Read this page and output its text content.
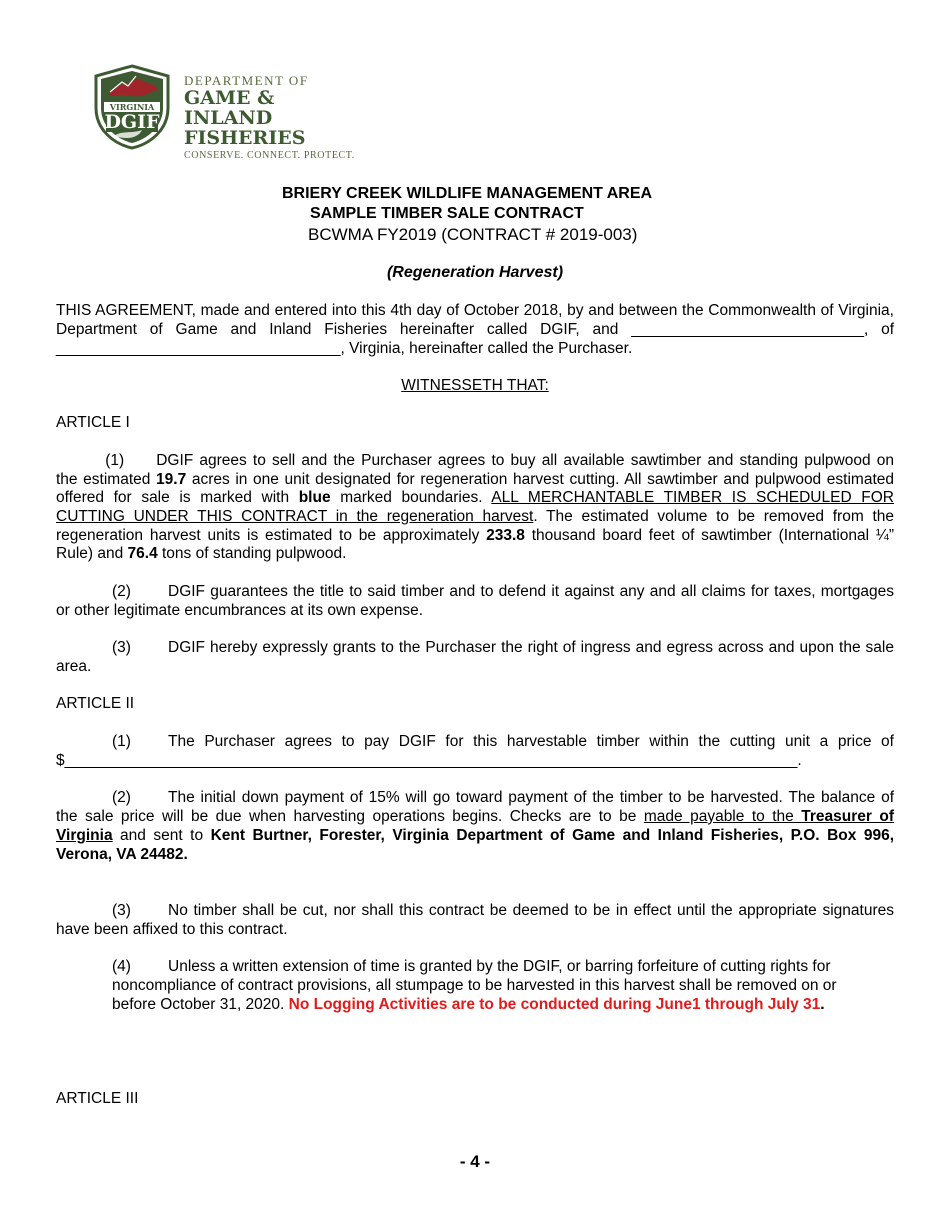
VIRGINIA
DGIF
DEPARTMENT OF
GAME & INLAND
FISHERIES
CONSERVE. CONNECT. PROTECT.
BRIERY CREEK WILDLIFE MANAGEMENT AREA
SAMPLE TIMBER SALE CONTRACT
BCWMA FY2019 (CONTRACT # 2019-003)
(Regeneration Harvest)
THIS AGREEMENT, made and entered into this 4th day of October 2018, by and between the Commonwealth of Virginia,
Department of Game and Inland Fisheries hereinafter called DGIF, and ___________________________, of
_________________________________, Virginia, hereinafter called the Purchaser.
WITNESSETH THAT:
ARTICLE I
(1) DGIF agrees to sell and the Purchaser agrees to buy all available sawtimber and standing pulpwood on
the estimated 19.7 acres in one unit designated for regeneration harvest cutting. All sawtimber and pulpwood estimated
offered for sale is marked with blue marked boundaries. ALL MERCHANTABLE TIMBER IS SCHEDULED FOR
CUTTING UNDER THIS CONTRACT in the regeneration harvest. The estimated volume to be removed from the
regeneration harvest units is estimated to be approximately 233.8 thousand board feet of sawtimber (International ¼”
Rule) and 76.4 tons of standing pulpwood.
(2) DGIF guarantees the title to said timber and to defend it against any and all claims for taxes, mortgages
or other legitimate encumbrances at its own expense.
(3) DGIF hereby expressly grants to the Purchaser the right of ingress and egress across and upon the sale
area.
ARTICLE II
(1) The Purchaser agrees to pay DGIF for this harvestable timber within the cutting unit a price of
$_____________________________________________________________________________________.
(2) The initial down payment of 15% will go toward payment of the timber to be harvested. The balance of
the sale price will be due when harvesting operations begins. Checks are to be made payable to the Treasurer of
Virginia and sent to Kent Burtner, Forester, Virginia Department of Game and Inland Fisheries, P.O. Box 996,
Verona, VA 24482.
(3) No timber shall be cut, nor shall this contract be deemed to be in effect until the appropriate signatures
have been affixed to this contract.
(4) Unless a written extension of time is granted by the DGIF, or barring forfeiture of cutting rights for
noncompliance of contract provisions, all stumpage to be harvested in this harvest shall be removed on or
before October 31, 2020. No Logging Activities are to be conducted during June1 through July 31.
ARTICLE III
- 4 -
